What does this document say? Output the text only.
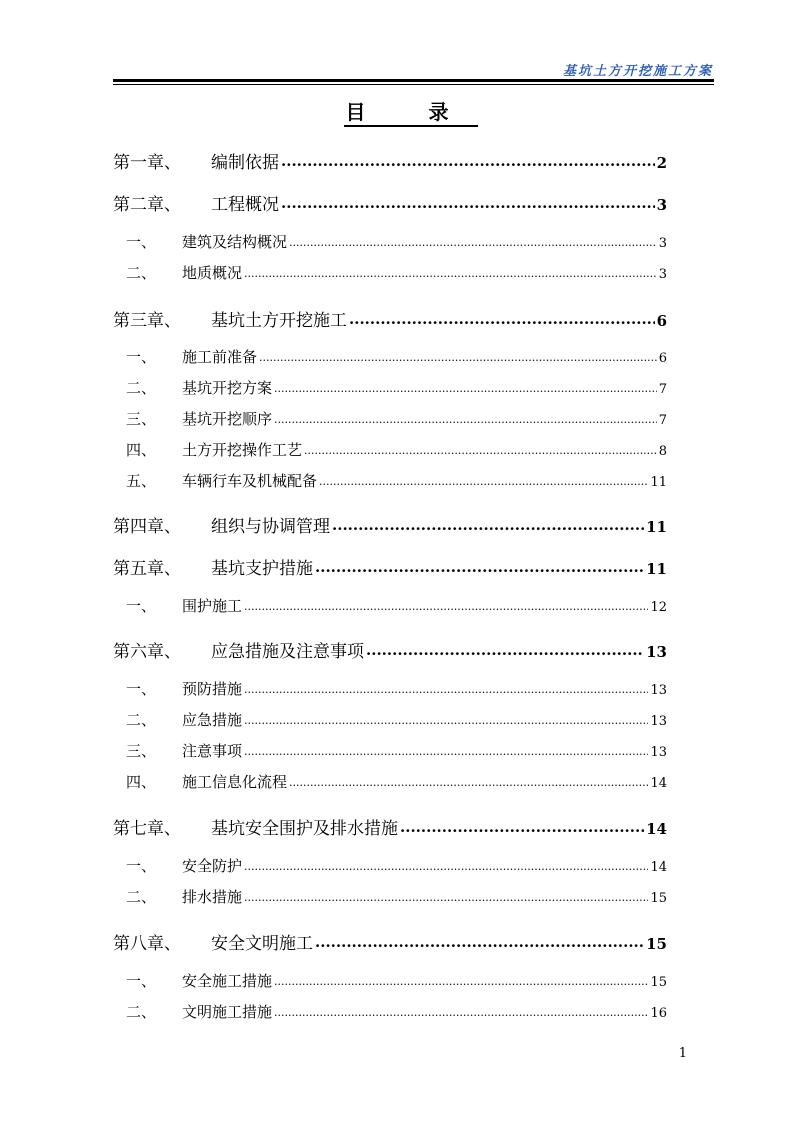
基坑土方开挖施工方案
目 录
第一章、	编制依据 .....	2
第二章、	工程概况 .....	3
一、	建筑及结构概况 .....	3
二、	地质概况 .....	3
第三章、	基坑土方开挖施工 .....	6
一、	施工前准备 .....	6
二、	基坑开挖方案 .....	7
三、	基坑开挖顺序 .....	7
四、	土方开挖操作工艺 .....	8
五、	车辆行车及机械配备 .....	11
第四章、	组织与协调管理 .....	11
第五章、	基坑支护措施 .....	11
一、	围护施工 .....	12
第六章、	应急措施及注意事项 .....	13
一、	预防措施 .....	13
二、	应急措施 .....	13
三、	注意事项 .....	13
四、	施工信息化流程 .....	14
第七章、	基坑安全围护及排水措施 .....	14
一、	安全防护 .....	14
二、	排水措施 .....	15
第八章、	安全文明施工 .....	15
一、	安全施工措施 .....	15
二、	文明施工措施 .....	16
1
